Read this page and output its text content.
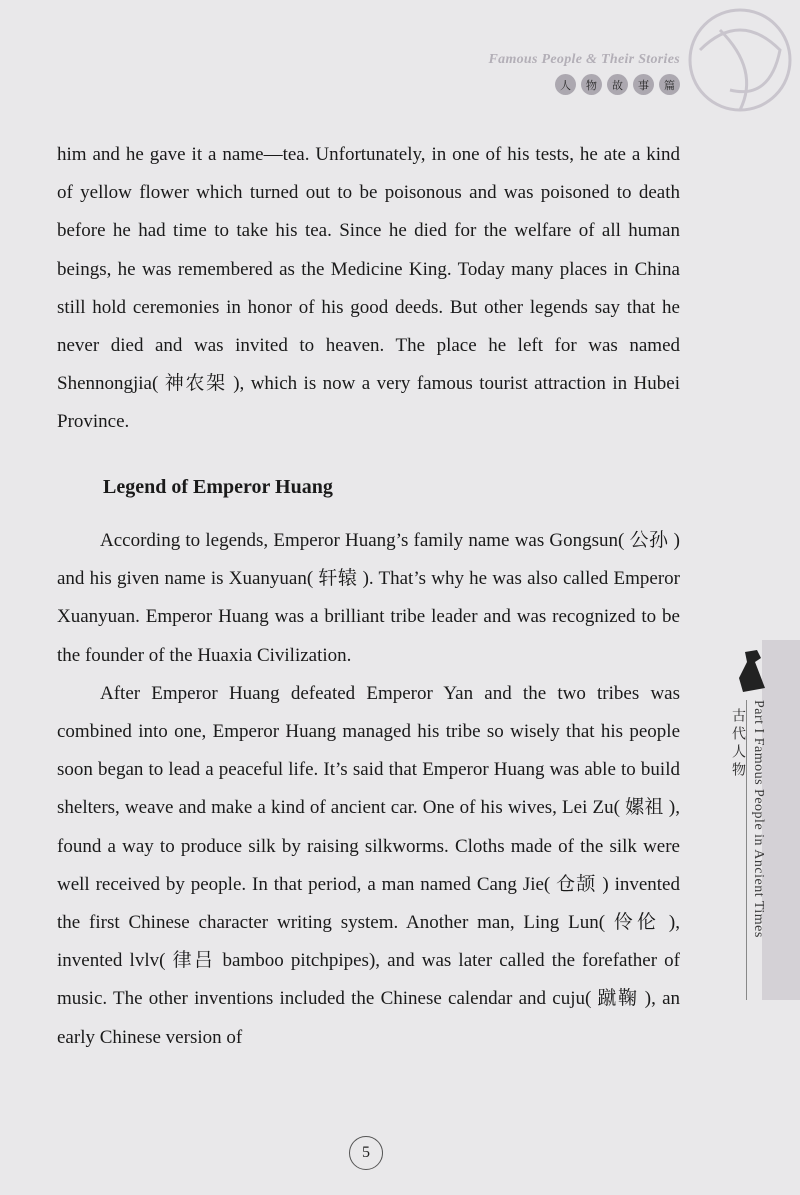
Famous People & Their Stories
人	物	故	事	篇

him and he gave it a name—tea. Unfortunately, in one of his tests, he ate a kind of yellow flower which turned out to be poisonous and was poisoned to death before he had time to take his tea. Since he died for the welfare of all human beings, he was remembered as the Medicine King. Today many places in China still hold ceremonies in honor of his good deeds. But other legends say that he never died and was invited to heaven. The place he left for was named Shennongjia( 神农架 ), which is now a very famous tourist attraction in Hubei Province.

Legend of Emperor Huang

According to legends, Emperor Huang’s family name was Gongsun( 公孙 ) and his given name is Xuanyuan( 轩辕 ). That’s why he was also called Emperor Xuanyuan. Emperor Huang was a brilliant tribe leader and was recognized to be the founder of the Huaxia Civilization.

After Emperor Huang defeated Emperor Yan and the two tribes was combined into one, Emperor Huang managed his tribe so wisely that his people soon began to lead a peaceful life. It’s said that Emperor Huang was able to build shelters, weave and make a kind of ancient car. One of his wives, Lei Zu( 嫘祖 ), found a way to produce silk by raising silkworms. Cloths made of the silk were well received by people. In that period, a man named Cang Jie( 仓颉 ) invented the first Chinese character writing system. Another man, Ling Lun( 伶伦 ), invented lvlv( 律吕 bamboo pitchpipes), and was later called the forefather of music. The other inventions included the Chinese calendar and cuju( 蹴鞠 ), an early Chinese version of

Part I Famous People in Ancient Times
古代人物
5
